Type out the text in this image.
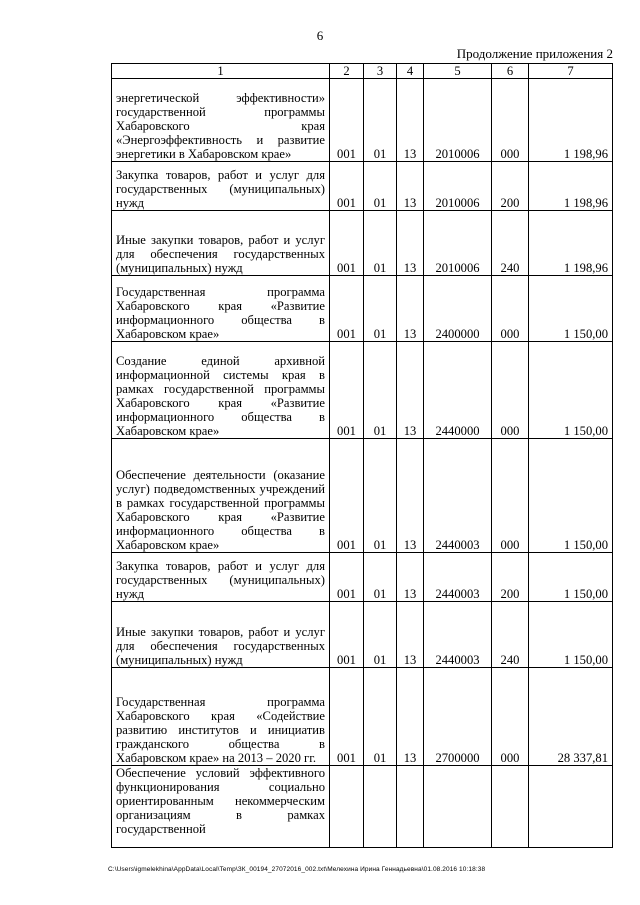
6
Продолжение приложения 2
1	2	3	4	5	6	7
энергетической эффективности» государственной программы Хабаровского края «Энергоэффективность и развитие энергетики в Хабаровском крае»	001	01	13	2010006	000	1 198,96
Закупка товаров, работ и услуг для государственных (муниципальных) нужд	001	01	13	2010006	200	1 198,96
Иные закупки товаров, работ и услуг для обеспечения государственных (муниципальных) нужд	001	01	13	2010006	240	1 198,96
Государственная программа Хабаровского края «Развитие информационного общества в Хабаровском крае»	001	01	13	2400000	000	1 150,00
Создание единой архивной информационной системы края в рамках государственной программы Хабаровского края «Развитие информационного общества в Хабаровском крае»	001	01	13	2440000	000	1 150,00
Обеспечение деятельности (оказание услуг) подведомственных учреждений в рамках государственной программы Хабаровского края «Развитие информационного общества в Хабаровском крае»	001	01	13	2440003	000	1 150,00
Закупка товаров, работ и услуг для государственных (муниципальных) нужд	001	01	13	2440003	200	1 150,00
Иные закупки товаров, работ и услуг для обеспечения государственных (муниципальных) нужд	001	01	13	2440003	240	1 150,00
Государственная программа Хабаровского края «Содействие развитию институтов и инициатив гражданского общества в Хабаровском крае» на 2013 – 2020 гг.	001	01	13	2700000	000	28 337,81
Обеспечение условий эффективного функционирования социально ориентированным некоммерческим организациям в рамках государственной						
C:\Users\igmelekhina\AppData\Local\Temp\ЗК_00194_27072016_002.txt\Мелехина Ирина Геннадьевна\01.08.2016 10:18:38
